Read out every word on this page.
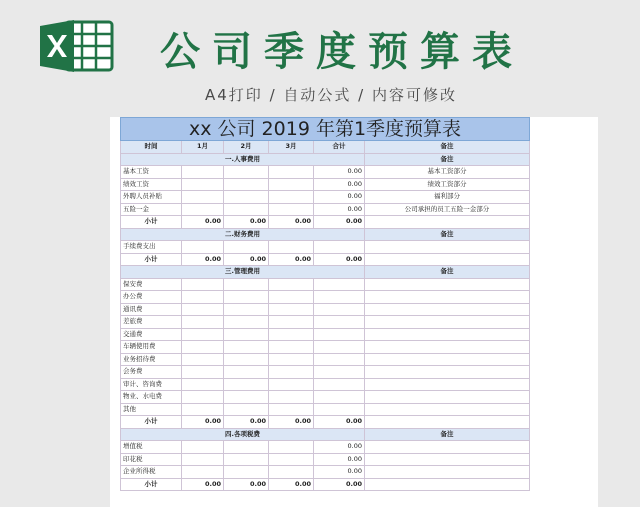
公司季度预算表
A4打印 / 自动公式 / 内容可修改
xx 公司 2019 年第1季度预算表					
时间	1月	2月	3月	合计	备注
一.人事费用					备注
基本工资				0.00	基本工资部分
绩效工资				0.00	绩效工资部分
外聘人员补贴				0.00	福利部分
五险一金				0.00	公司承担的员工五险一金部分
小计	0.00	0.00	0.00	0.00	
二.财务费用					备注
手续费支出					
小计	0.00	0.00	0.00	0.00	
三.管理费用					备注
保安费					
办公费					
通讯费					
差旅费					
交通费					
车辆使用费					
业务招待费					
会务费					
审计、咨询费					
物业、水电费					
其他					
小计	0.00	0.00	0.00	0.00	
四.各项税费					备注
增值税				0.00	
印花税				0.00	
企业所得税				0.00	
小计	0.00	0.00	0.00	0.00	
